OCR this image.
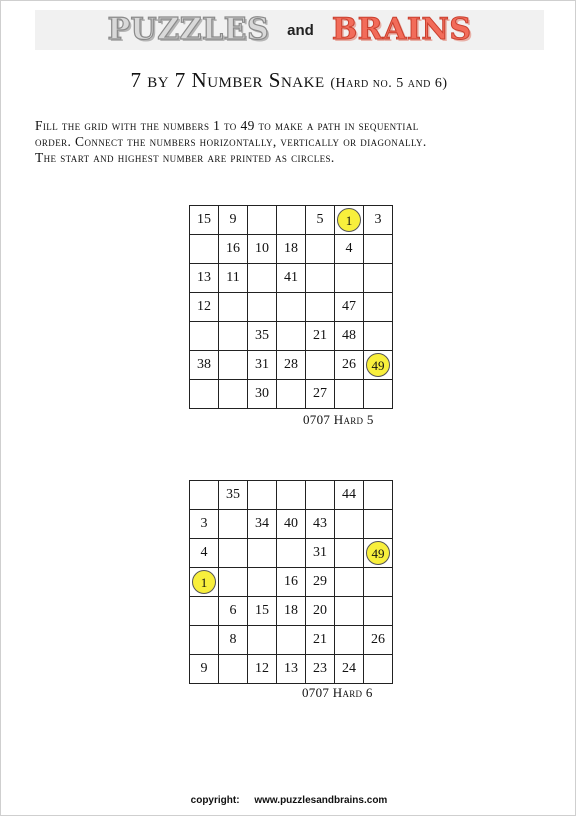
PUZZLES and BRAINS
7 by 7 Number Snake (Hard no. 5 and 6)
Fill the grid with the numbers 1 to 49 to make a path in sequential
order. Connect the numbers horizontally, vertically or diagonally.
The start and highest number are printed as circles.
15	9			5	1	3
	16	10	18		4	
13	11		41			
12					47	
		35		21	48	
38		31	28		26	49
		30		27		
0707 Hard 5
	35				44	
3		34	40	43		
4				31		49
1			16	29		
	6	15	18	20		
	8			21		26
9		12	13	23	24	
0707 Hard 6
copyright: www.puzzlesandbrains.com
